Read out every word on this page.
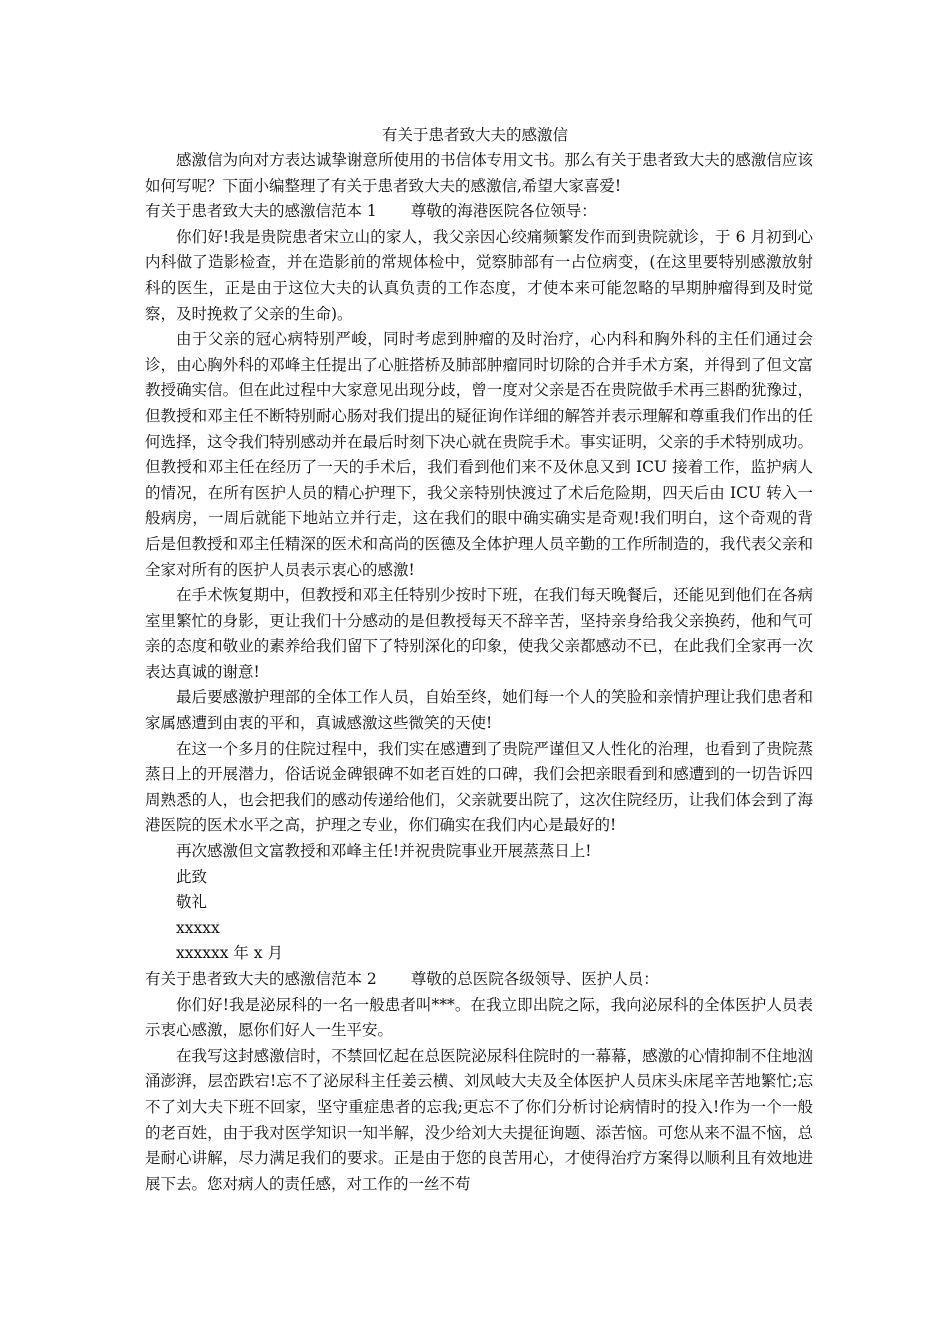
有关于患者致大夫的感激信

感激信为向对方表达诚挚谢意所使用的书信体专用文书。那么有关于患者致大夫的感激信应该如何写呢？下面小编整理了有关于患者致大夫的感激信,希望大家喜爱!

有关于患者致大夫的感激信范本 1 尊敬的海港医院各位领导：

你们好!我是贵院患者宋立山的家人，我父亲因心绞痛频繁发作而到贵院就诊，于 6 月初到心内科做了造影检查，并在造影前的常规体检中，觉察肺部有一占位病变，(在这里要特别感激放射科的医生，正是由于这位大夫的认真负责的工作态度，才使本来可能忽略的早期肿瘤得到及时觉察，及时挽救了父亲的生命)。

由于父亲的冠心病特别严峻，同时考虑到肿瘤的及时治疗，心内科和胸外科的主任们通过会诊，由心胸外科的邓峰主任提出了心脏搭桥及肺部肿瘤同时切除的合并手术方案，并得到了但文富教授确实信。但在此过程中大家意见出现分歧，曾一度对父亲是否在贵院做手术再三斟酌犹豫过，但教授和邓主任不断特别耐心肠对我们提出的疑征询作详细的解答并表示理解和尊重我们作出的任何选择，这令我们特别感动并在最后时刻下决心就在贵院手术。事实证明，父亲的手术特别成功。但教授和邓主任在经历了一天的手术后，我们看到他们来不及休息又到 ICU 接着工作，监护病人的情况，在所有医护人员的精心护理下，我父亲特别快渡过了术后危险期，四天后由 ICU 转入一般病房，一周后就能下地站立并行走，这在我们的眼中确实确实是奇观!我们明白，这个奇观的背后是但教授和邓主任精深的医术和高尚的医德及全体护理人员辛勤的工作所制造的，我代表父亲和全家对所有的医护人员表示衷心的感激!

在手术恢复期中，但教授和邓主任特别少按时下班，在我们每天晚餐后，还能见到他们在各病室里繁忙的身影，更让我们十分感动的是但教授每天不辞辛苦，坚持亲身给我父亲换药，他和气可亲的态度和敬业的素养给我们留下了特别深化的印象，使我父亲都感动不已，在此我们全家再一次表达真诚的谢意!

最后要感激护理部的全体工作人员，自始至终，她们每一个人的笑脸和亲情护理让我们患者和家属感遭到由衷的平和，真诚感激这些微笑的天使!

在这一个多月的住院过程中，我们实在感遭到了贵院严谨但又人性化的治理，也看到了贵院蒸蒸日上的开展潜力，俗话说金碑银碑不如老百姓的口碑，我们会把亲眼看到和感遭到的一切告诉四周熟悉的人，也会把我们的感动传递给他们，父亲就要出院了，这次住院经历，让我们体会到了海港医院的医术水平之高，护理之专业，你们确实在我们内心是最好的!

再次感激但文富教授和邓峰主任!并祝贵院事业开展蒸蒸日上!

此致

敬礼

xxxxx

xxxxxx 年 x 月

有关于患者致大夫的感激信范本 2 尊敬的总医院各级领导、医护人员：

你们好!我是泌尿科的一名一般患者叫***。在我立即出院之际，我向泌尿科的全体医护人员表示衷心感激，愿你们好人一生平安。

在我写这封感激信时，不禁回忆起在总医院泌尿科住院时的一幕幕，感激的心情抑制不住地汹涌澎湃，层峦跌宕!忘不了泌尿科主任姜云横、刘凤岐大夫及全体医护人员床头床尾辛苦地繁忙;忘不了刘大夫下班不回家，坚守重症患者的忘我;更忘不了你们分析讨论病情时的投入!作为一个一般的老百姓，由于我对医学知识一知半解，没少给刘大夫提征询题、添苦恼。可您从来不温不恼，总是耐心讲解，尽力满足我们的要求。正是由于您的良苦用心，才使得治疗方案得以顺利且有效地进展下去。您对病人的责任感，对工作的一丝不苟
